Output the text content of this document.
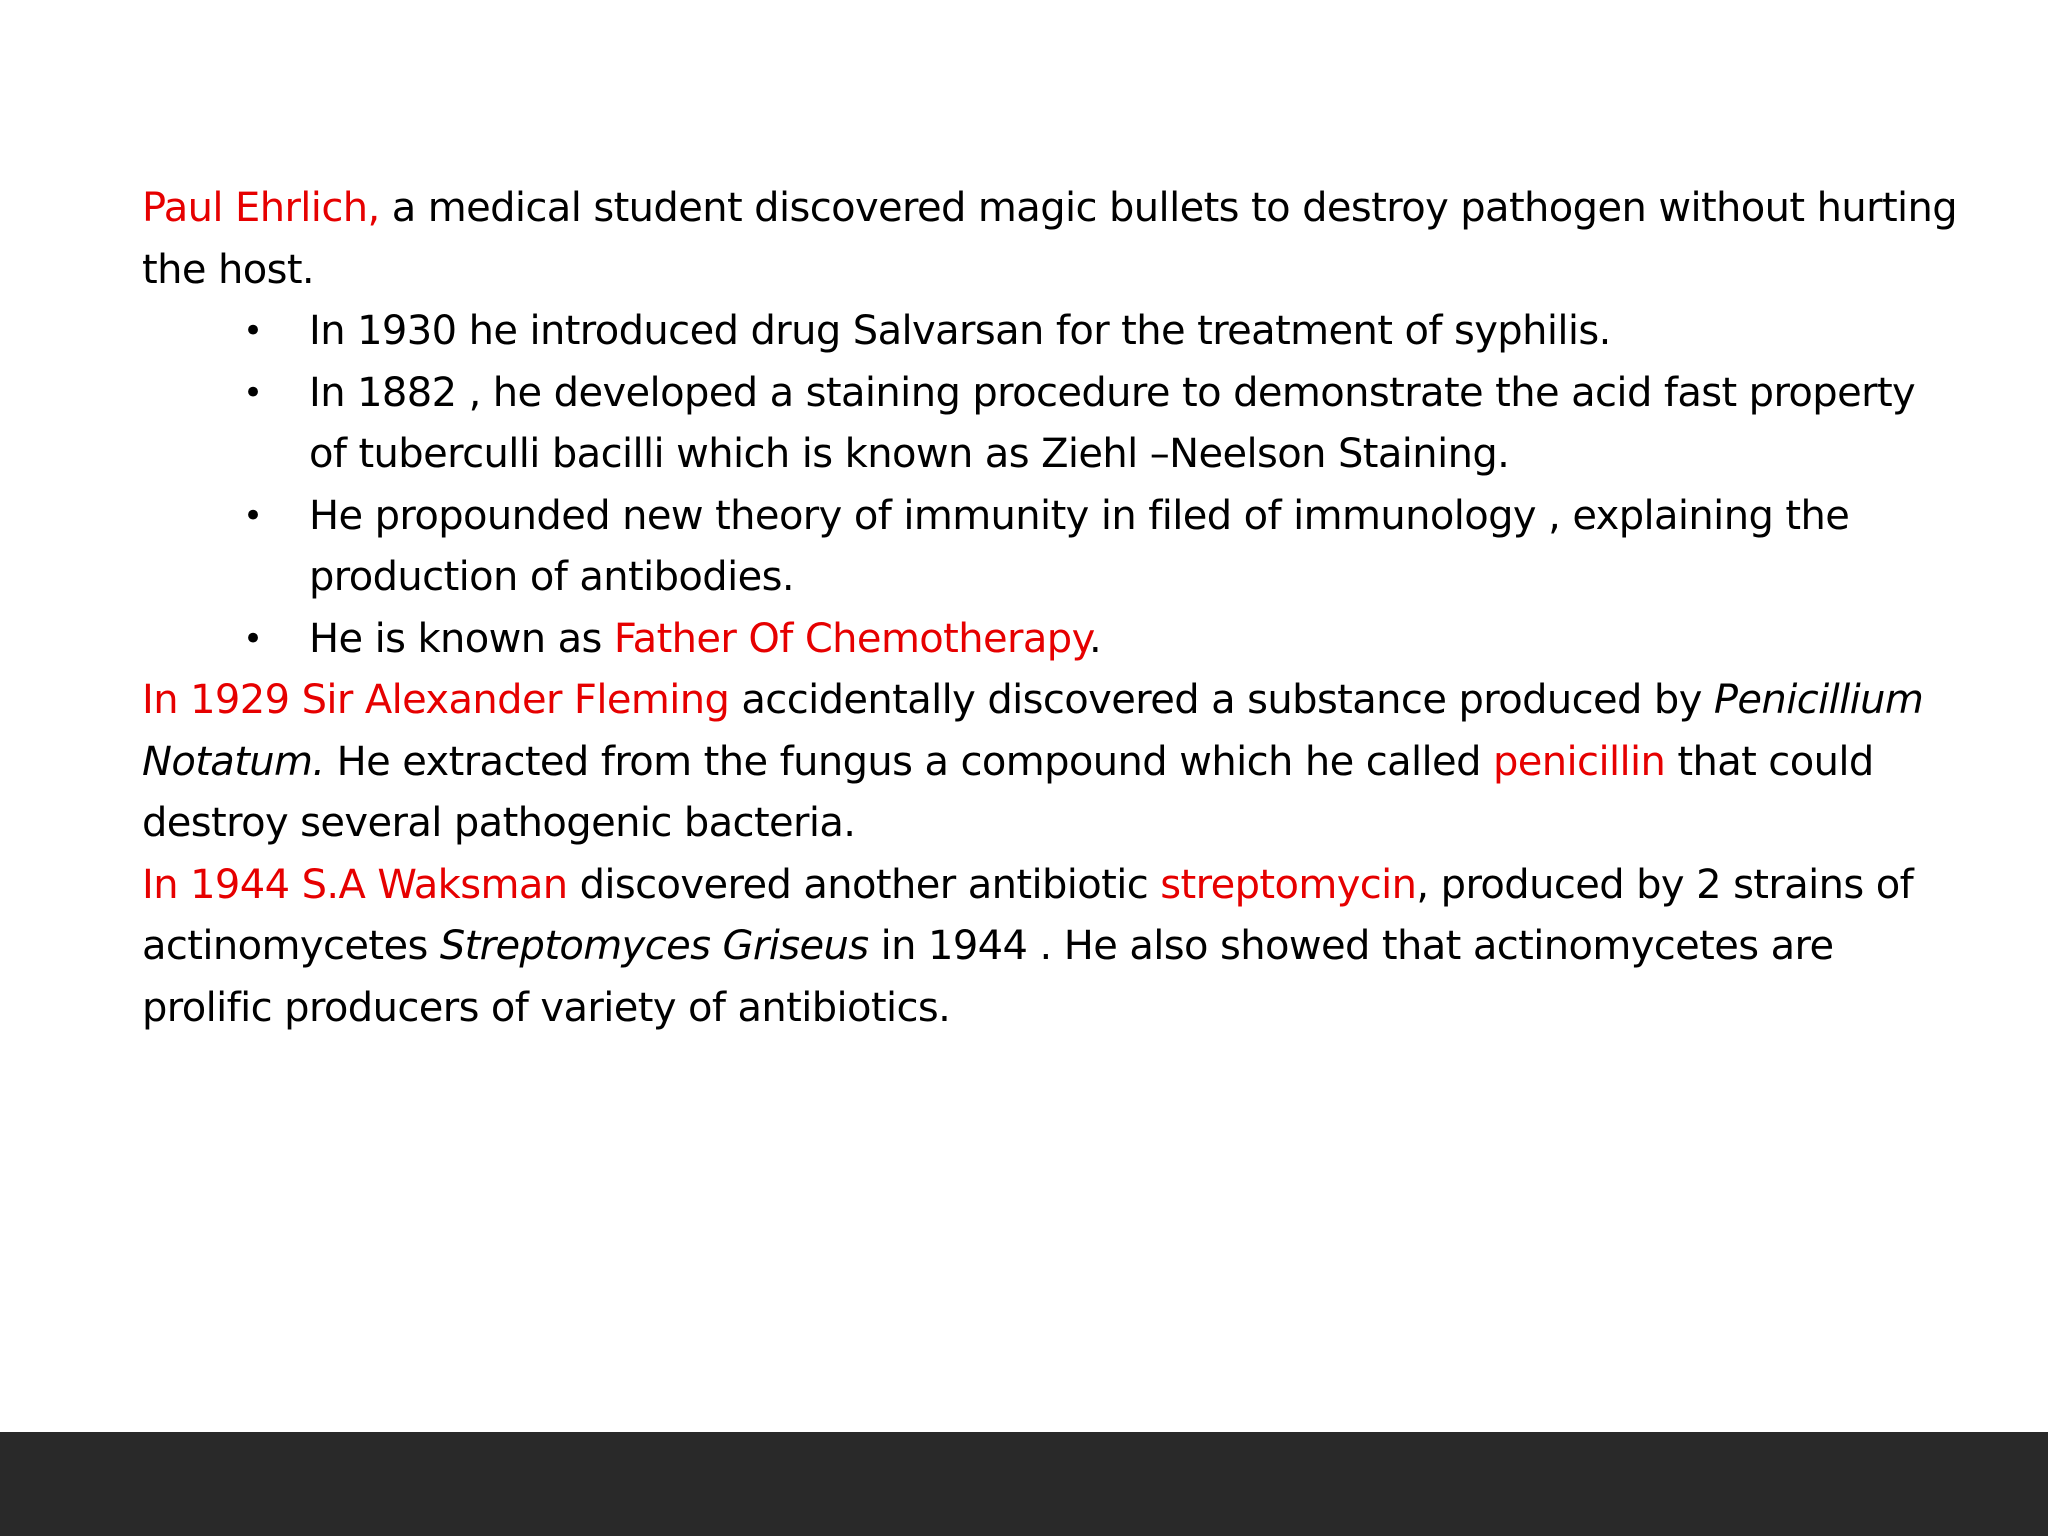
Paul Ehrlich, a medical student discovered magic bullets to destroy pathogen without hurting the host.

• In 1930 he introduced drug Salvarsan for the treatment of syphilis.
• In 1882 , he developed a staining procedure to demonstrate the acid fast property of tuberculli bacilli which is known as Ziehl –Neelson Staining.
• He propounded new theory of immunity in filed of immunology , explaining the production of antibodies.
• He is known as Father Of Chemotherapy.

In 1929 Sir Alexander Fleming accidentally discovered a substance produced by Penicillium Notatum. He extracted from the fungus a compound which he called penicillin that could destroy several pathogenic bacteria.

In 1944 S.A Waksman discovered another antibiotic streptomycin, produced by 2 strains of actinomycetes Streptomyces Griseus in 1944 . He also showed that actinomycetes are prolific producers of variety of antibiotics.
